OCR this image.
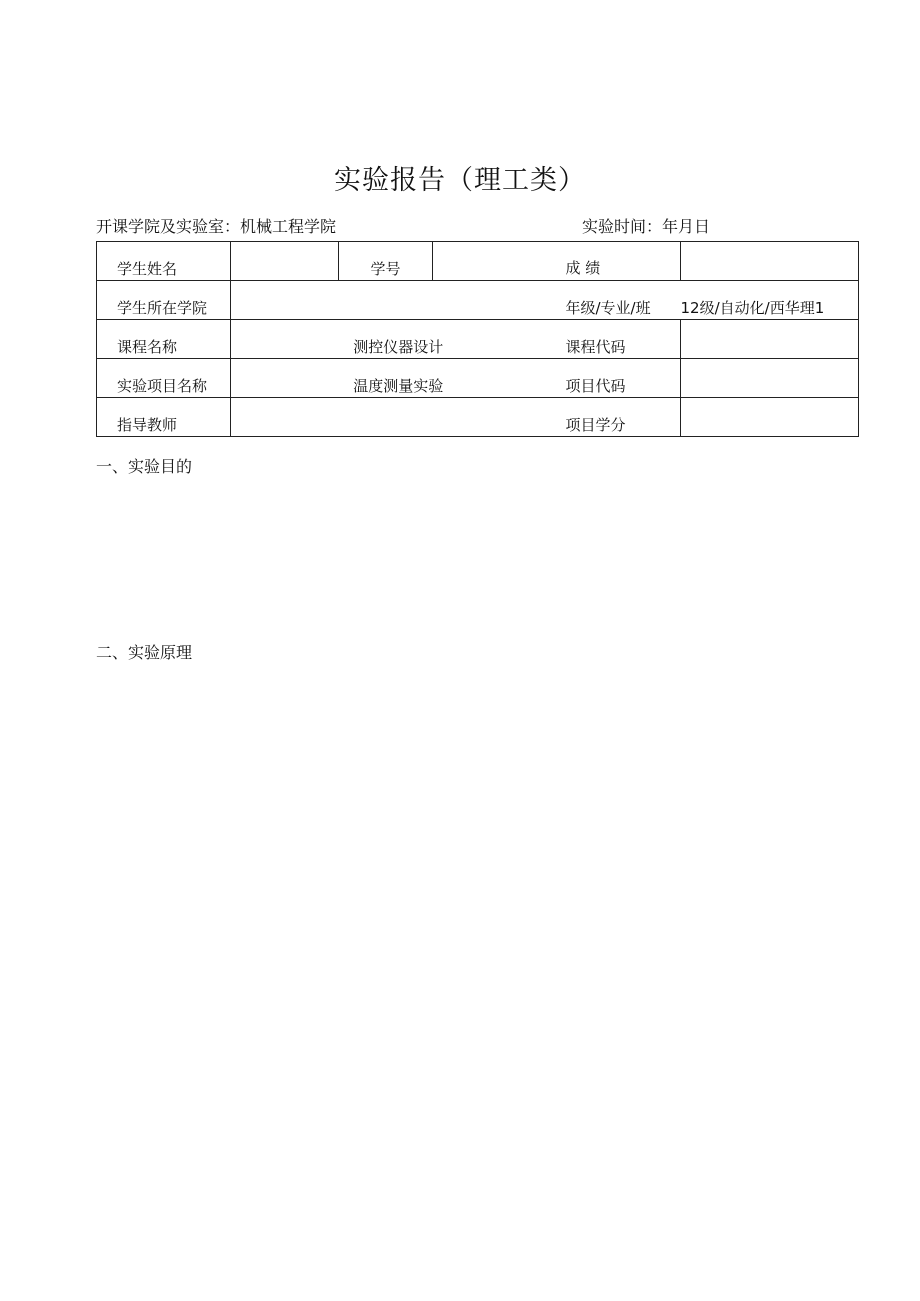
实验报告（理工类）
开课学院及实验室：机械工程学院	实验时间：年月日
学生姓名		学号		成 绩	
学生所在学院				年级/专业/班	12级/自动化/西华理1
课程名称	测控仪器设计			课程代码	
实验项目名称	温度测量实验			项目代码	
指导教师				项目学分	
一、实验目的
二、实验原理
